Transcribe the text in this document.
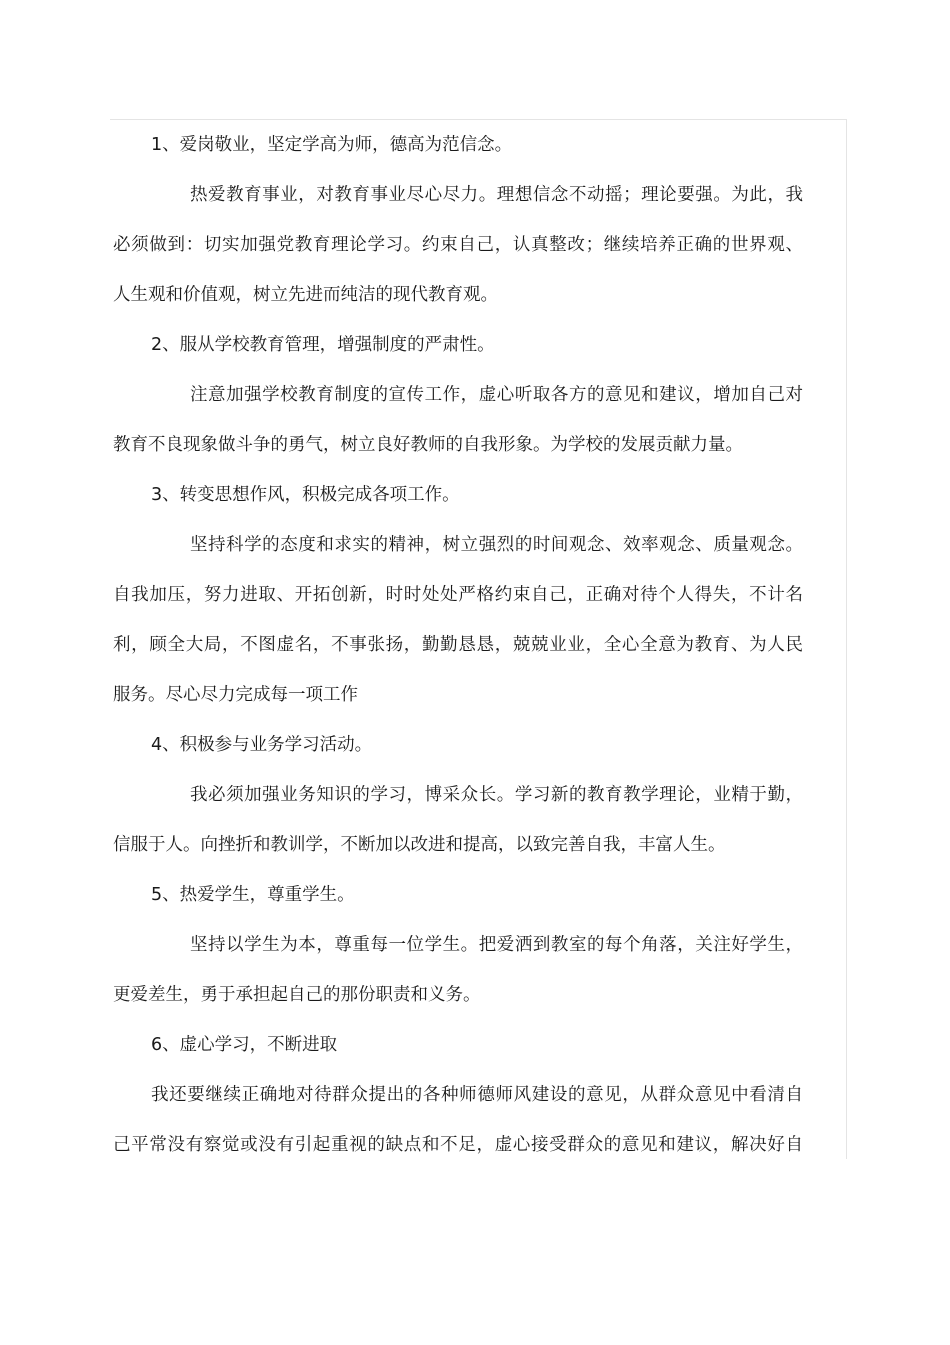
1、爱岗敬业，坚定学高为师，德高为范信念。
热爱教育事业，对教育事业尽心尽力。理想信念不动摇；理论要强。为此，我
必须做到：切实加强党教育理论学习。约束自己，认真整改；继续培养正确的世界观、
人生观和价值观，树立先进而纯洁的现代教育观。
2、服从学校教育管理，增强制度的严肃性。
注意加强学校教育制度的宣传工作，虚心听取各方的意见和建议，增加自己对
教育不良现象做斗争的勇气，树立良好教师的自我形象。为学校的发展贡献力量。
3、转变思想作风，积极完成各项工作。
坚持科学的态度和求实的精神，树立强烈的时间观念、效率观念、质量观念。
自我加压，努力进取、开拓创新，时时处处严格约束自己，正确对待个人得失，不计名
利，顾全大局，不图虚名，不事张扬，勤勤恳恳，兢兢业业，全心全意为教育、为人民
服务。尽心尽力完成每一项工作
4、积极参与业务学习活动。
我必须加强业务知识的学习，博采众长。学习新的教育教学理论，业精于勤，
信服于人。向挫折和教训学，不断加以改进和提高，以致完善自我，丰富人生。
5、热爱学生，尊重学生。
坚持以学生为本，尊重每一位学生。把爱洒到教室的每个角落，关注好学生，
更爱差生，勇于承担起自己的那份职责和义务。
6、虚心学习，不断进取
我还要继续正确地对待群众提出的各种师德师风建设的意见，从群众意见中看清自
己平常没有察觉或没有引起重视的缺点和不足，虚心接受群众的意见和建议，解决好自
